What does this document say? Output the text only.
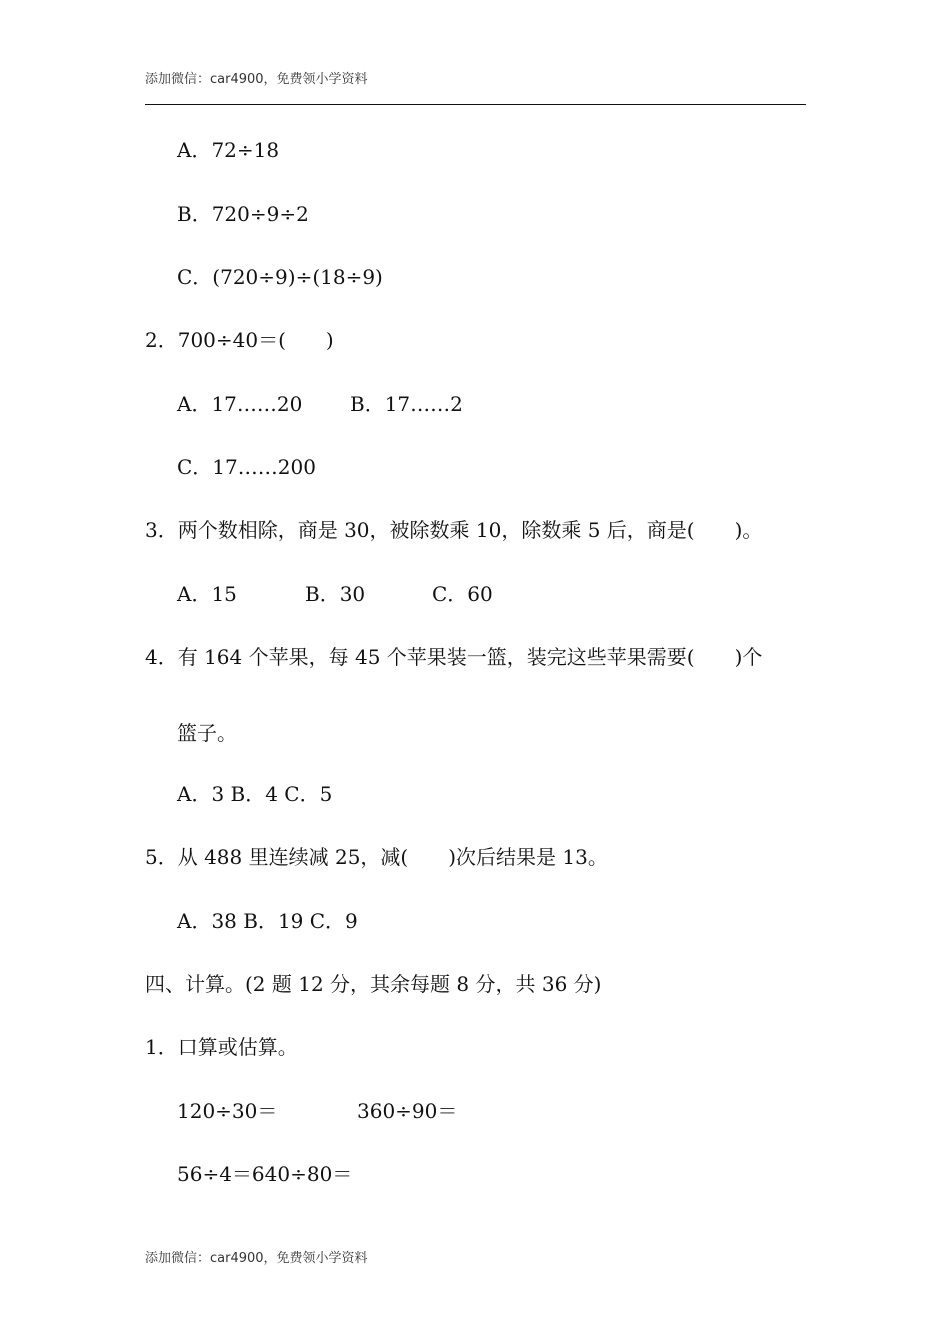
添加微信：car4900，免费领小学资料
A．72÷18
B．720÷9÷2
C．(720÷9)÷(18÷9)
2．700÷40＝(　　)
A．17……20 B．17……2
C．17……200
3．两个数相除，商是 30，被除数乘 10，除数乘 5 后，商是(　　)。
A．15	B．30	C．60
4．有 164 个苹果，每 45 个苹果装一篮，装完这些苹果需要(　　)个
篮子。
A．3 B．4 C．5
5．从 488 里连续减 25，减(　　)次后结果是 13。
A．38 B．19 C．9
四、计算。(2 题 12 分，其余每题 8 分，共 36 分)
1．口算或估算。
120÷30＝	360÷90＝
56÷4＝640÷80＝
添加微信：car4900，免费领小学资料
